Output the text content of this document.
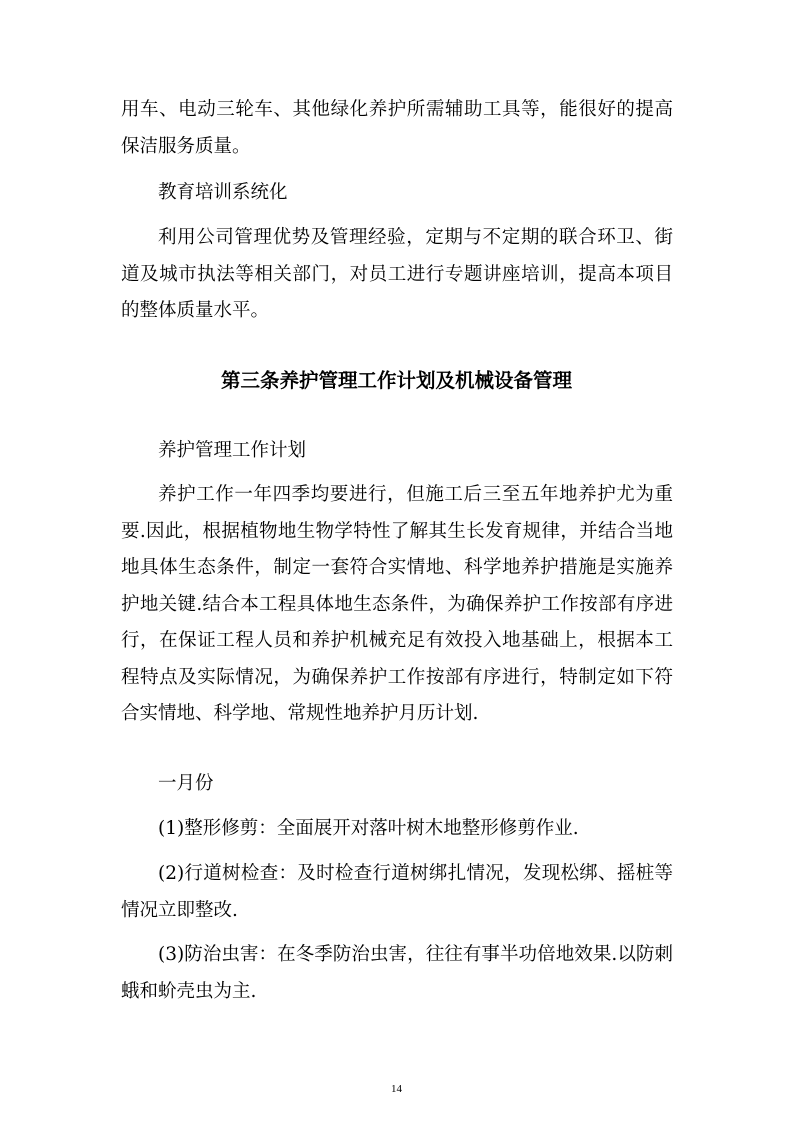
用车、电动三轮车、其他绿化养护所需辅助工具等，能很好的提高保洁服务质量。

教育培训系统化

利用公司管理优势及管理经验，定期与不定期的联合环卫、街道及城市执法等相关部门，对员工进行专题讲座培训，提高本项目的整体质量水平。

第三条养护管理工作计划及机械设备管理

养护管理工作计划

养护工作一年四季均要进行，但施工后三至五年地养护尤为重要.因此，根据植物地生物学特性了解其生长发育规律，并结合当地地具体生态条件，制定一套符合实情地、科学地养护措施是实施养护地关键.结合本工程具体地生态条件，为确保养护工作按部有序进行，在保证工程人员和养护机械充足有效投入地基础上，根据本工程特点及实际情况，为确保养护工作按部有序进行，特制定如下符合实情地、科学地、常规性地养护月历计划.

一月份

(1)整形修剪：全面展开对落叶树木地整形修剪作业.

(2)行道树检查：及时检查行道树绑扎情况，发现松绑、摇桩等情况立即整改.

(3)防治虫害：在冬季防治虫害，往往有事半功倍地效果.以防刺蛾和蚧壳虫为主.

14
